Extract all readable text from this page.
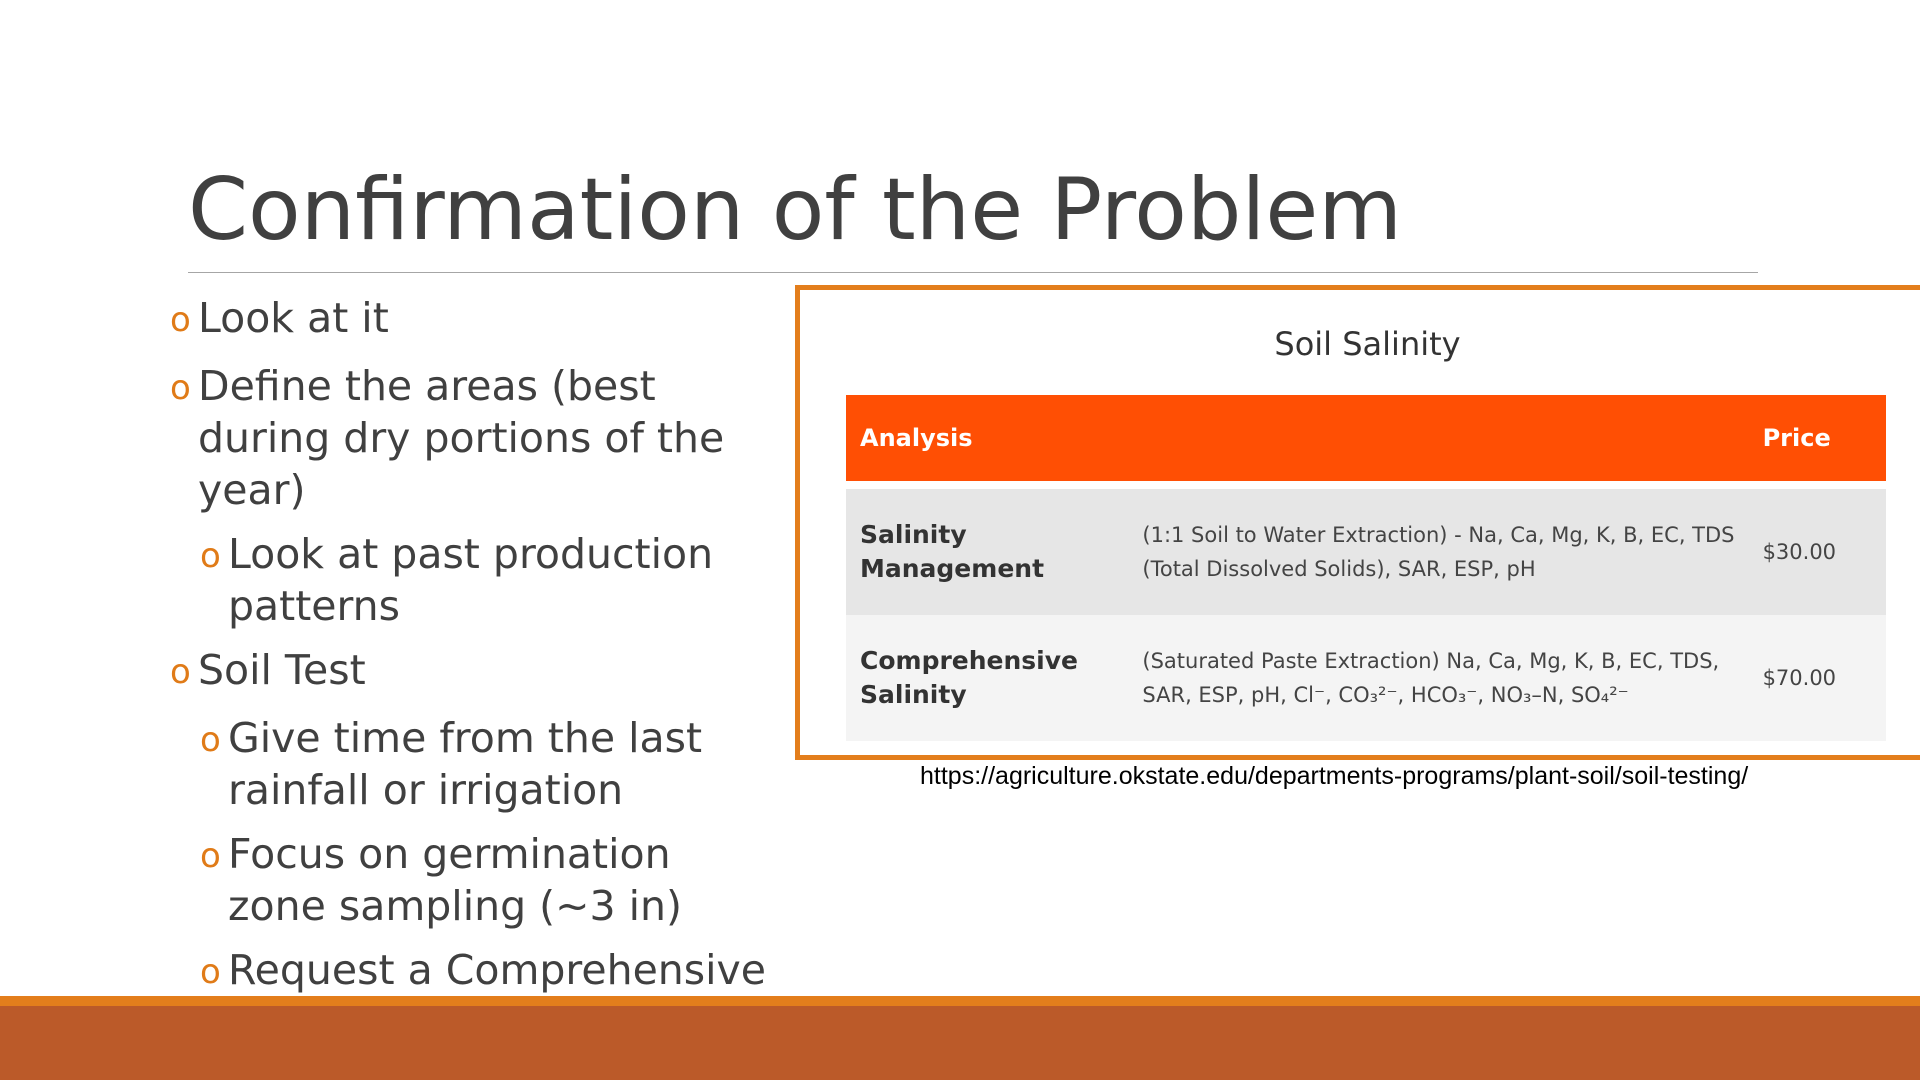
Confirmation of the Problem
o Look at it
o Define the areas (best during dry portions of the year)
o Look at past production patterns
o Soil Test
o Give time from the last rainfall or irrigation
o Focus on germination zone sampling (~3 in)
o Request a Comprehensive
Soil Salinity
Analysis		Price

Salinity Management	(1:1 Soil to Water Extraction) - Na, Ca, Mg, K, B, EC, TDS (Total Dissolved Solids), SAR, ESP, pH	$30.00
Comprehensive Salinity	(Saturated Paste Extraction) Na, Ca, Mg, K, B, EC, TDS, SAR, ESP, pH, Cl⁻, CO₃²⁻, HCO₃⁻, NO₃–N, SO₄²⁻	$70.00
https://agriculture.okstate.edu/departments-programs/plant-soil/soil-testing/
